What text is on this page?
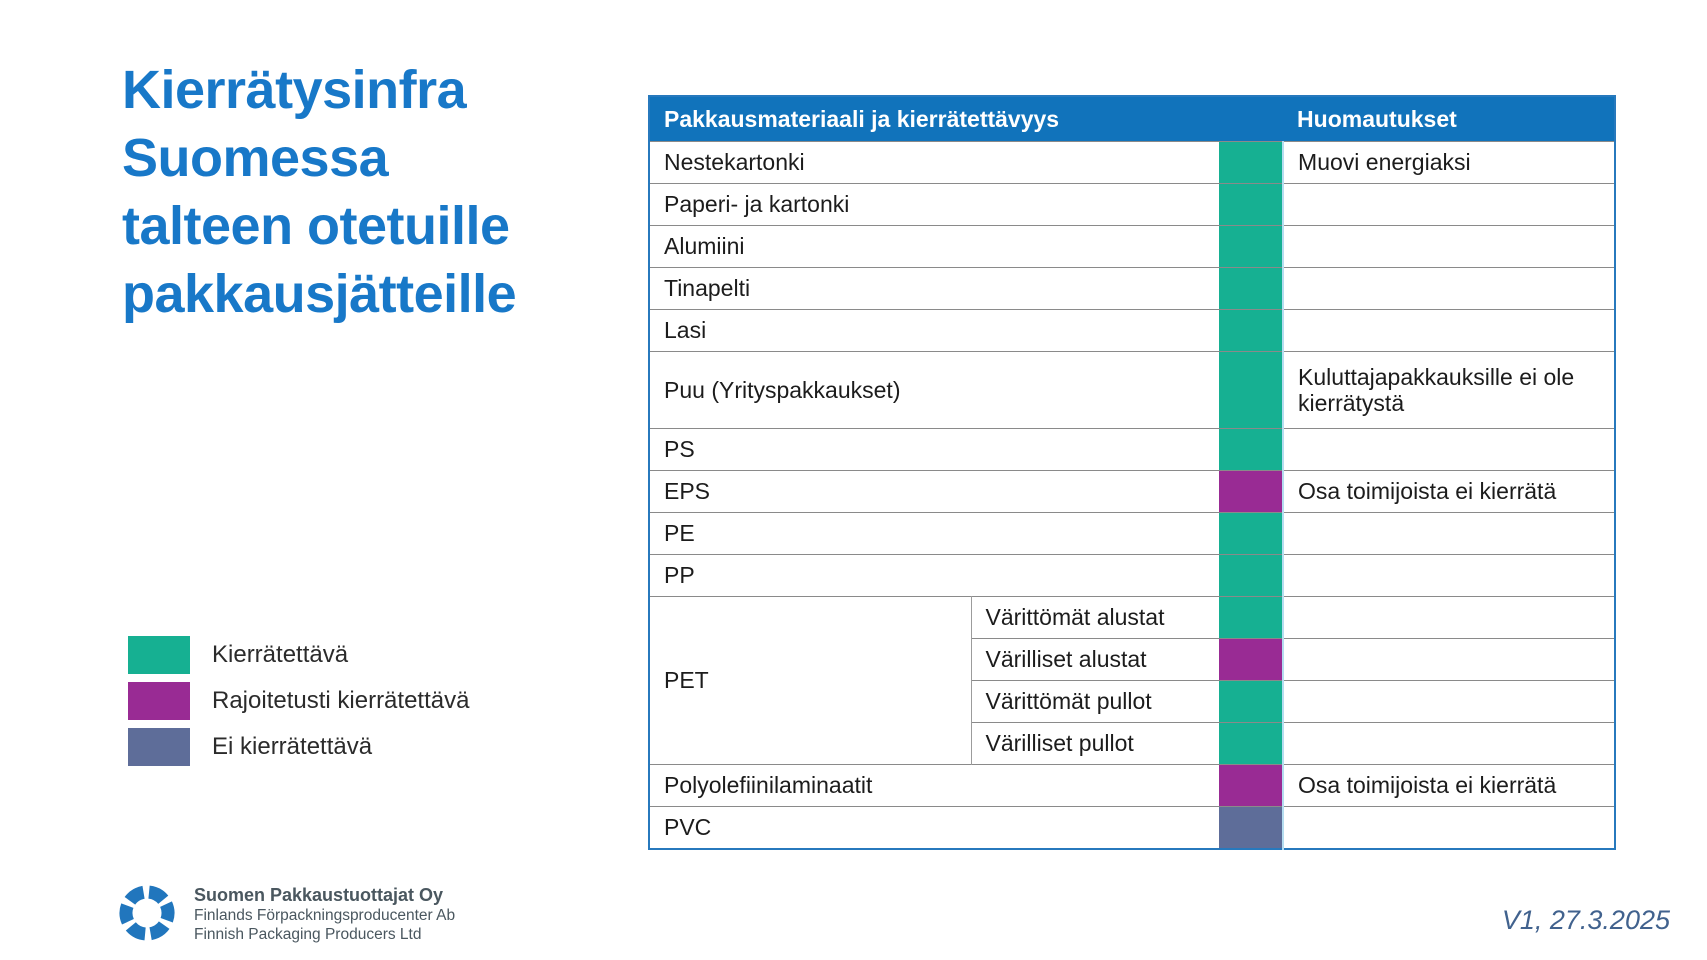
Kierrätysinfra
Suomessa
talteen otetuille
pakkausjätteille
Kierrätettävä
Rajoitetusti kierrätettävä
Ei kierrätettävä
Pakkausmateriaali ja kierrätettävyys			Huomautukset
Nestekartonki			Muovi energiaksi
Paperi- ja kartonki			
Alumiini			
Tinapelti			
Lasi			
Puu (Yrityspakkaukset)			Kuluttajapakkauksille ei ole kierrätystä
PS			
EPS			Osa toimijoista ei kierrätä
PE			
PP			
PET	Värittömät alustat		
	Värilliset alustat		
	Värittömät pullot		
	Värilliset pullot		
Polyolefiinilaminaatit			Osa toimijoista ei kierrätä
PVC			
Suomen Pakkaustuottajat Oy
Finlands Förpackningsproducenter Ab
Finnish Packaging Producers Ltd	V1, 27.3.2025
